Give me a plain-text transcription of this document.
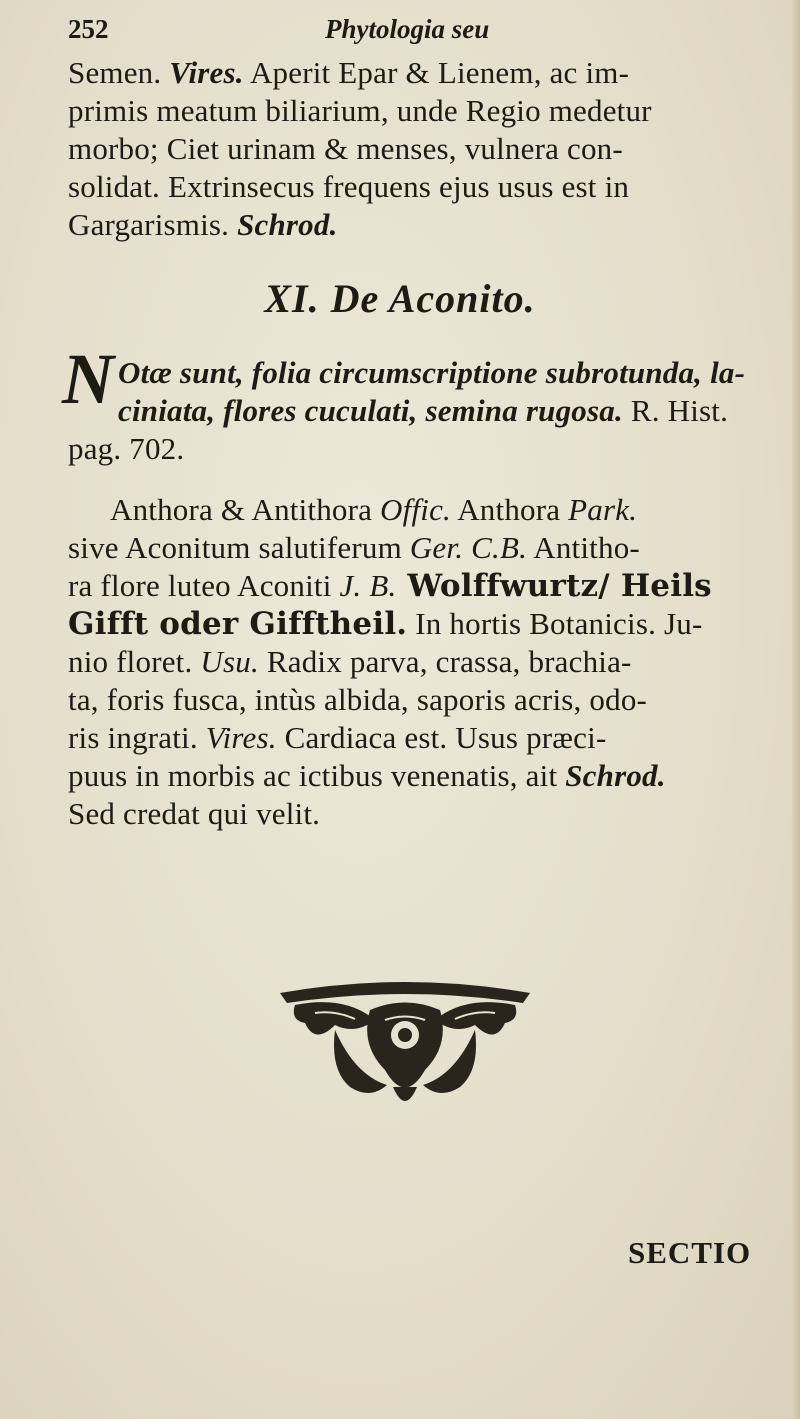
252	Phytologia seu
Semen. Vires. Aperit Epar & Lienem, ac im-
primis meatum biliarium, unde Regio medetur
morbo; Ciet urinam & menses, vulnera con-
solidat. Extrinsecus frequens ejus usus est in
Gargarismis. Schrod.
XI. De Aconito.
N Otæ sunt, folia circumscriptione subrotunda, la-
ciniata, flores cuculati, semina rugosa. R. Hist.
pag. 702.
Anthora & Antithora Offic. Anthora Park.
sive Aconitum salutiferum Ger. C.B. Antitho-
ra flore luteo Aconiti J. B. Wolffwurtz/ Heils
Gifft oder Gifftheil. In hortis Botanicis. Ju-
nio floret. Usu. Radix parva, crassa, brachia-
ta, foris fusca, intùs albida, saporis acris, odo-
ris ingrati. Vires. Cardiaca est. Usus præci-
puus in morbis ac ictibus venenatis, ait Schrod.
Sed credat qui velit.
SECTIO
